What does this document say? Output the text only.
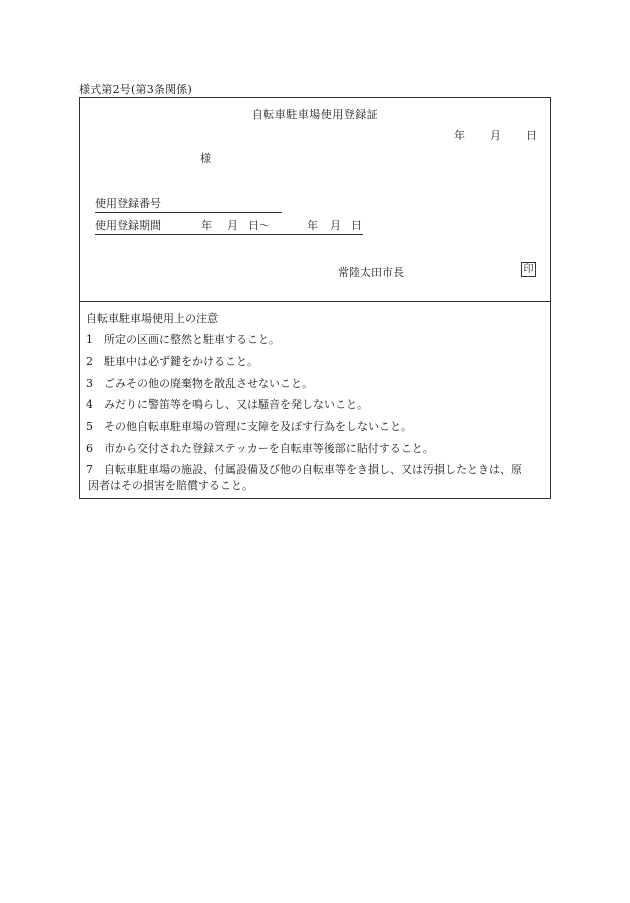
様式第2号(第3条関係)
自転車駐車場使用登録証
年 月 日
様
使用登録番号
使用登録期間	年 月 日〜	年 月 日
常陸太田市長	印
自転車駐車場使用上の注意
1 所定の区画に整然と駐車すること。
2 駐車中は必ず鍵をかけること。
3 ごみその他の廃棄物を散乱させないこと。
4 みだりに警笛等を鳴らし、又は騒音を発しないこと。
5 その他自転車駐車場の管理に支障を及ぼす行為をしないこと。
6 市から交付された登録ステッカーを自転車等後部に貼付すること。
7 自転車駐車場の施設、付属設備及び他の自転車等をき損し、又は汚損したときは、原
因者はその損害を賠償すること。
